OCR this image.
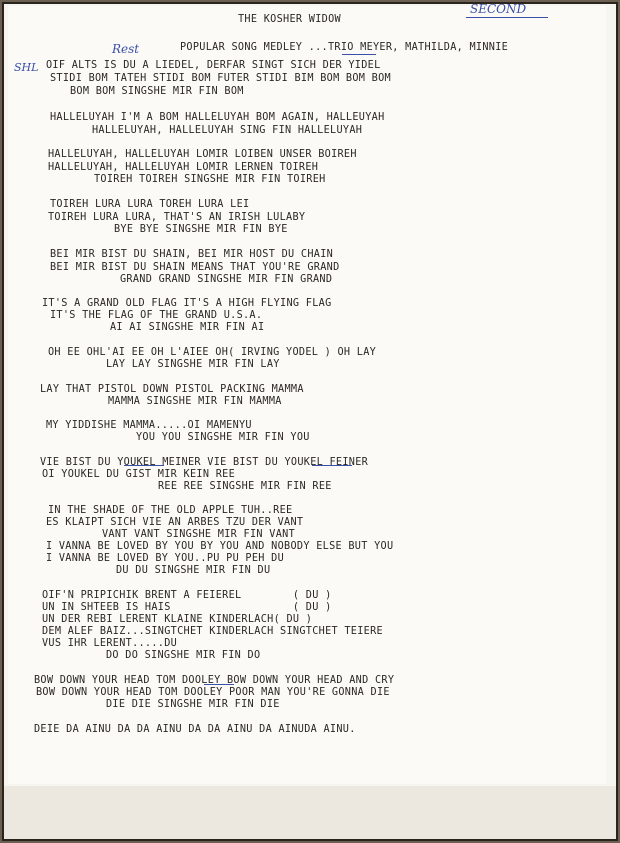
THE KOSHER WIDOW
POPULAR SONG MEDLEY ...TRIO MEYER, MATHILDA, MINNIE
SECOND
SHL
Rest
OIF ALTS IS DU A LIEDEL, DERFAR SINGT SICH DER YIDEL
STIDI BOM TATEH STIDI BOM FUTER STIDI BIM BOM BOM BOM
BOM BOM SINGSHE MIR FIN BOM
HALLELUYAH I'M A BOM HALLELUYAH BOM AGAIN, HALLEUYAH
HALLELUYAH, HALLELUYAH SING FIN HALLELUYAH
HALLELUYAH, HALLELUYAH LOMIR LOIBEN UNSER BOIREH
HALLELUYAH, HALLELUYAH LOMIR LERNEN TOIREH
TOIREH TOIREH SINGSHE MIR FIN TOIREH
TOIREH LURA LURA TOREH LURA LEI
TOIREH LURA LURA, THAT'S AN IRISH LULABY
BYE BYE SINGSHE MIR FIN BYE
BEI MIR BIST DU SHAIN, BEI MIR HOST DU CHAIN
BEI MIR BIST DU SHAIN MEANS THAT YOU'RE GRAND
GRAND GRAND SINGSHE MIR FIN GRAND
IT'S A GRAND OLD FLAG IT'S A HIGH FLYING FLAG
IT'S THE FLAG OF THE GRAND U.S.A.
AI AI SINGSHE MIR FIN AI
OH EE OHL'AI EE OH L'AIEE OH( IRVING YODEL ) OH LAY
LAY LAY SINGSHE MIR FIN LAY
LAY THAT PISTOL DOWN PISTOL PACKING MAMMA
MAMMA SINGSHE MIR FIN MAMMA
MY YIDDISHE MAMMA.....OI MAMENYU
YOU YOU SINGSHE MIR FIN YOU
VIE BIST DU YOUKEL MEINER VIE BIST DU YOUKEL FEINER
OI YOUKEL DU GIST MIR KEIN REE
REE REE SINGSHE MIR FIN REE
IN THE SHADE OF THE OLD APPLE TUH..REE
ES KLAIPT SICH VIE AN ARBES TZU DER VANT
VANT VANT SINGSHE MIR FIN VANT
I VANNA BE LOVED BY YOU BY YOU AND NOBODY ELSE BUT YOU
I VANNA BE LOVED BY YOU..PU PU PEH DU
DU DU SINGSHE MIR FIN DU
OIF'N PRIPICHIK BRENT A FEIEREL        ( DU )
UN IN SHTEEB IS HAIS                   ( DU )
UN DER REBI LERENT KLAINE KINDERLACH( DU )
DEM ALEF BAIZ...SINGTCHET KINDERLACH SINGTCHET TEIERE
VUS IHR LERENT.....DU
DO DO SINGSHE MIR FIN DO
BOW DOWN YOUR HEAD TOM DOOLEY BOW DOWN YOUR HEAD AND CRY
BOW DOWN YOUR HEAD TOM DOOLEY POOR MAN YOU'RE GONNA DIE
DIE DIE SINGSHE MIR FIN DIE
DEIE DA AINU DA DA AINU DA DA AINU DA AINUDA AINU.
